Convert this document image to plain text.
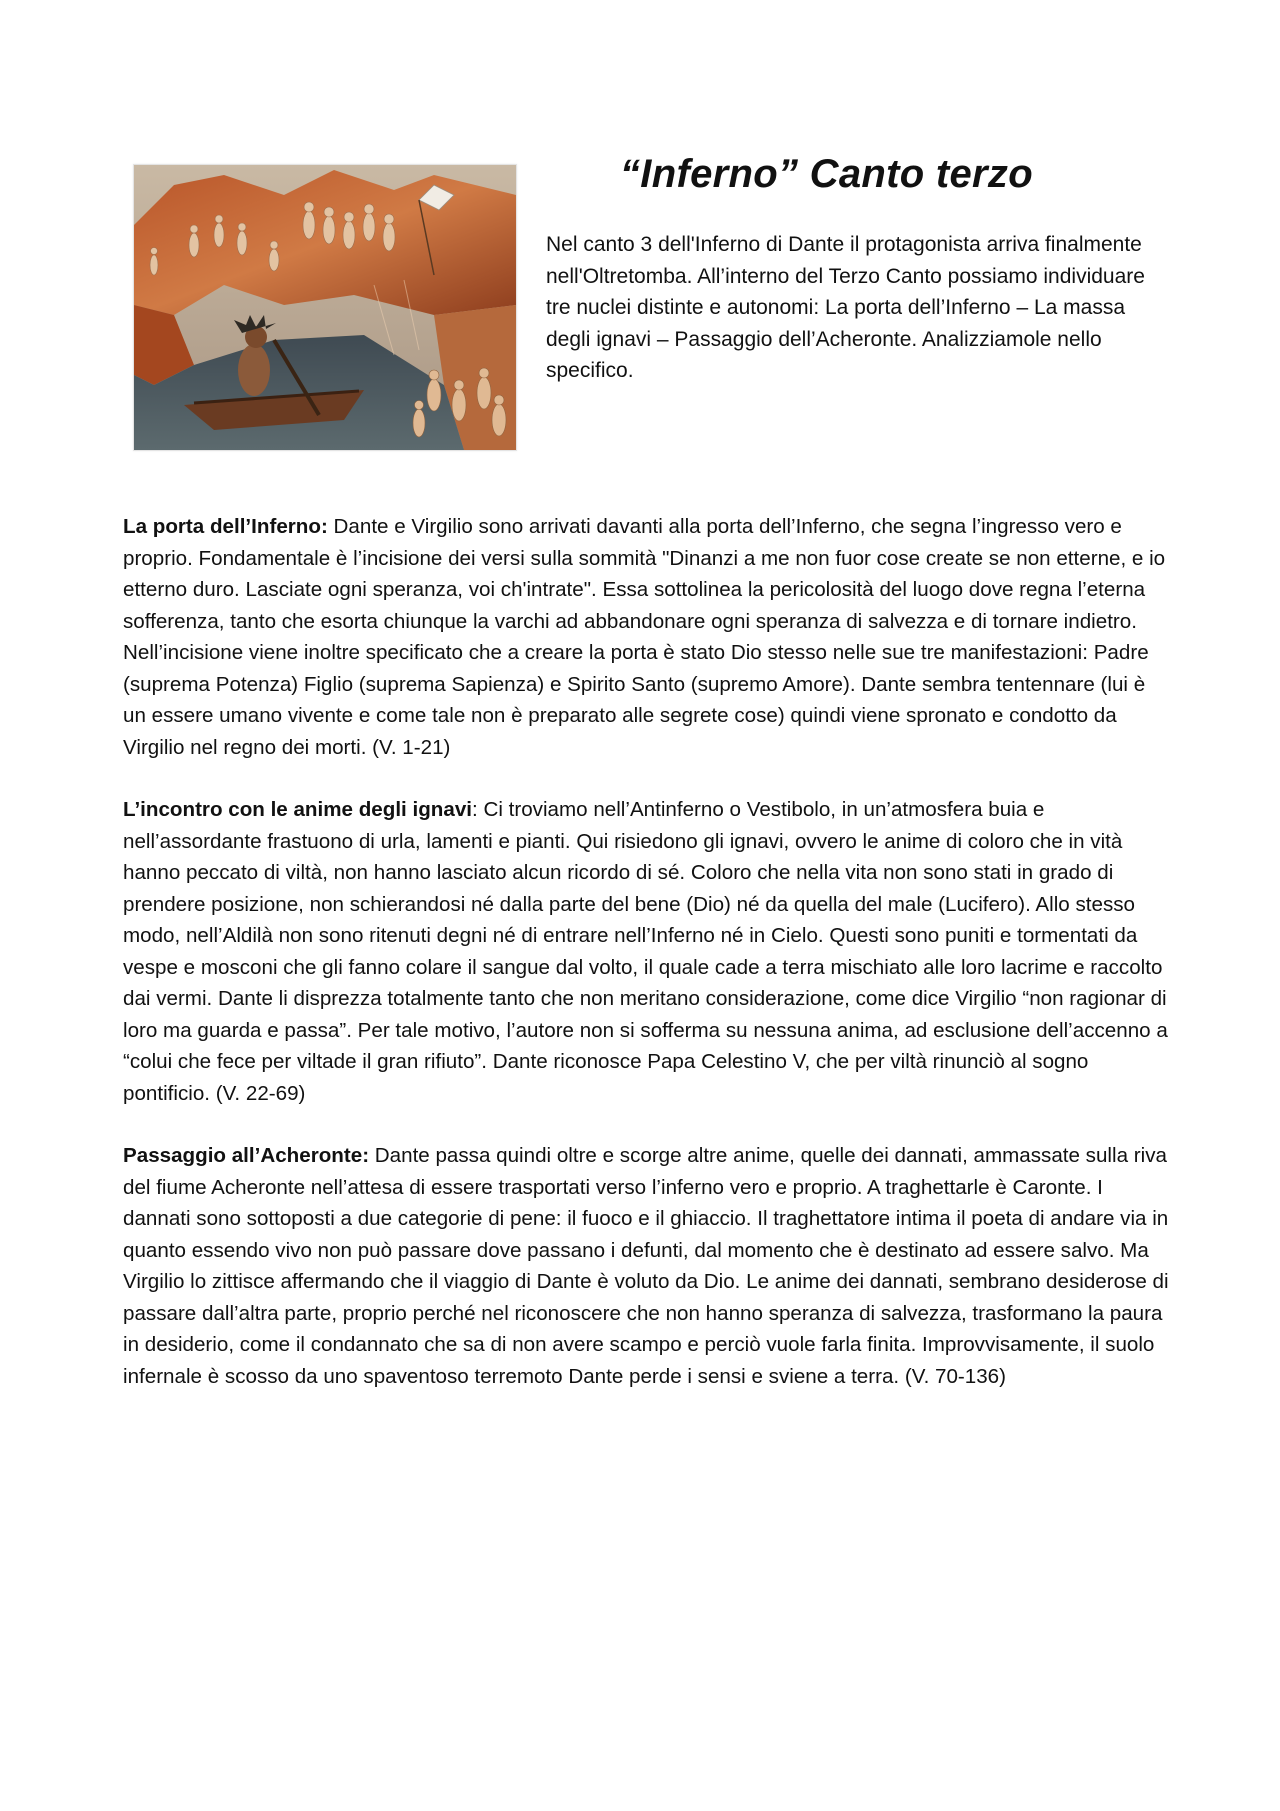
“Inferno” Canto terzo

Nel canto 3 dell'Inferno di Dante il protagonista arriva finalmente nell'Oltretomba. All’interno del Terzo Canto possiamo individuare tre nuclei distinte e autonomi: La porta dell’Inferno – La massa degli ignavi – Passaggio dell’Acheronte. Analizziamole nello specifico.

La porta dell’Inferno: Dante e Virgilio sono arrivati davanti alla porta dell’Inferno, che segna l’ingresso vero e proprio. Fondamentale è l’incisione dei versi sulla sommità "Dinanzi a me non fuor cose create se non etterne, e io etterno duro. Lasciate ogni speranza, voi ch'intrate". Essa sottolinea la pericolosità del luogo dove regna l’eterna sofferenza, tanto che esorta chiunque la varchi ad abbandonare ogni speranza di salvezza e di tornare indietro. Nell’incisione viene inoltre specificato che a creare la porta è stato Dio stesso nelle sue tre manifestazioni: Padre (suprema Potenza) Figlio (suprema Sapienza) e Spirito Santo (supremo Amore). Dante sembra tentennare (lui è un essere umano vivente e come tale non è preparato alle segrete cose) quindi viene spronato e condotto da Virgilio nel regno dei morti. (V. 1-21)

L’incontro con le anime degli ignavi: Ci troviamo nell’Antinferno o Vestibolo, in un’atmosfera buia e nell’assordante frastuono di urla, lamenti e pianti. Qui risiedono gli ignavi, ovvero le anime di coloro che in vità hanno peccato di viltà, non hanno lasciato alcun ricordo di sé. Coloro che nella vita non sono stati in grado di prendere posizione, non schierandosi né dalla parte del bene (Dio) né da quella del male (Lucifero). Allo stesso modo, nell’Aldilà non sono ritenuti degni né di entrare nell’Inferno né in Cielo. Questi sono puniti e tormentati da vespe e mosconi che gli fanno colare il sangue dal volto, il quale cade a terra mischiato alle loro lacrime e raccolto dai vermi. Dante li disprezza totalmente tanto che non meritano considerazione, come dice Virgilio “non ragionar di loro ma guarda e passa”. Per tale motivo, l’autore non si sofferma su nessuna anima, ad esclusione dell’accenno a “colui che fece per viltade il gran rifiuto”. Dante riconosce Papa Celestino V, che per viltà rinunciò al sogno pontificio. (V. 22-69)

Passaggio all’Acheronte: Dante passa quindi oltre e scorge altre anime, quelle dei dannati, ammassate sulla riva del fiume Acheronte nell’attesa di essere trasportati verso l’inferno vero e proprio. A traghettarle è Caronte. I dannati sono sottoposti a due categorie di pene: il fuoco e il ghiaccio. Il traghettatore intima il poeta di andare via in quanto essendo vivo non può passare dove passano i defunti, dal momento che è destinato ad essere salvo. Ma Virgilio lo zittisce affermando che il viaggio di Dante è voluto da Dio. Le anime dei dannati, sembrano desiderose di passare dall’altra parte, proprio perché nel riconoscere che non hanno speranza di salvezza, trasformano la paura in desiderio, come il condannato che sa di non avere scampo e perciò vuole farla finita. Improvvisamente, il suolo infernale è scosso da uno spaventoso terremoto Dante perde i sensi e sviene a terra. (V. 70-136)
